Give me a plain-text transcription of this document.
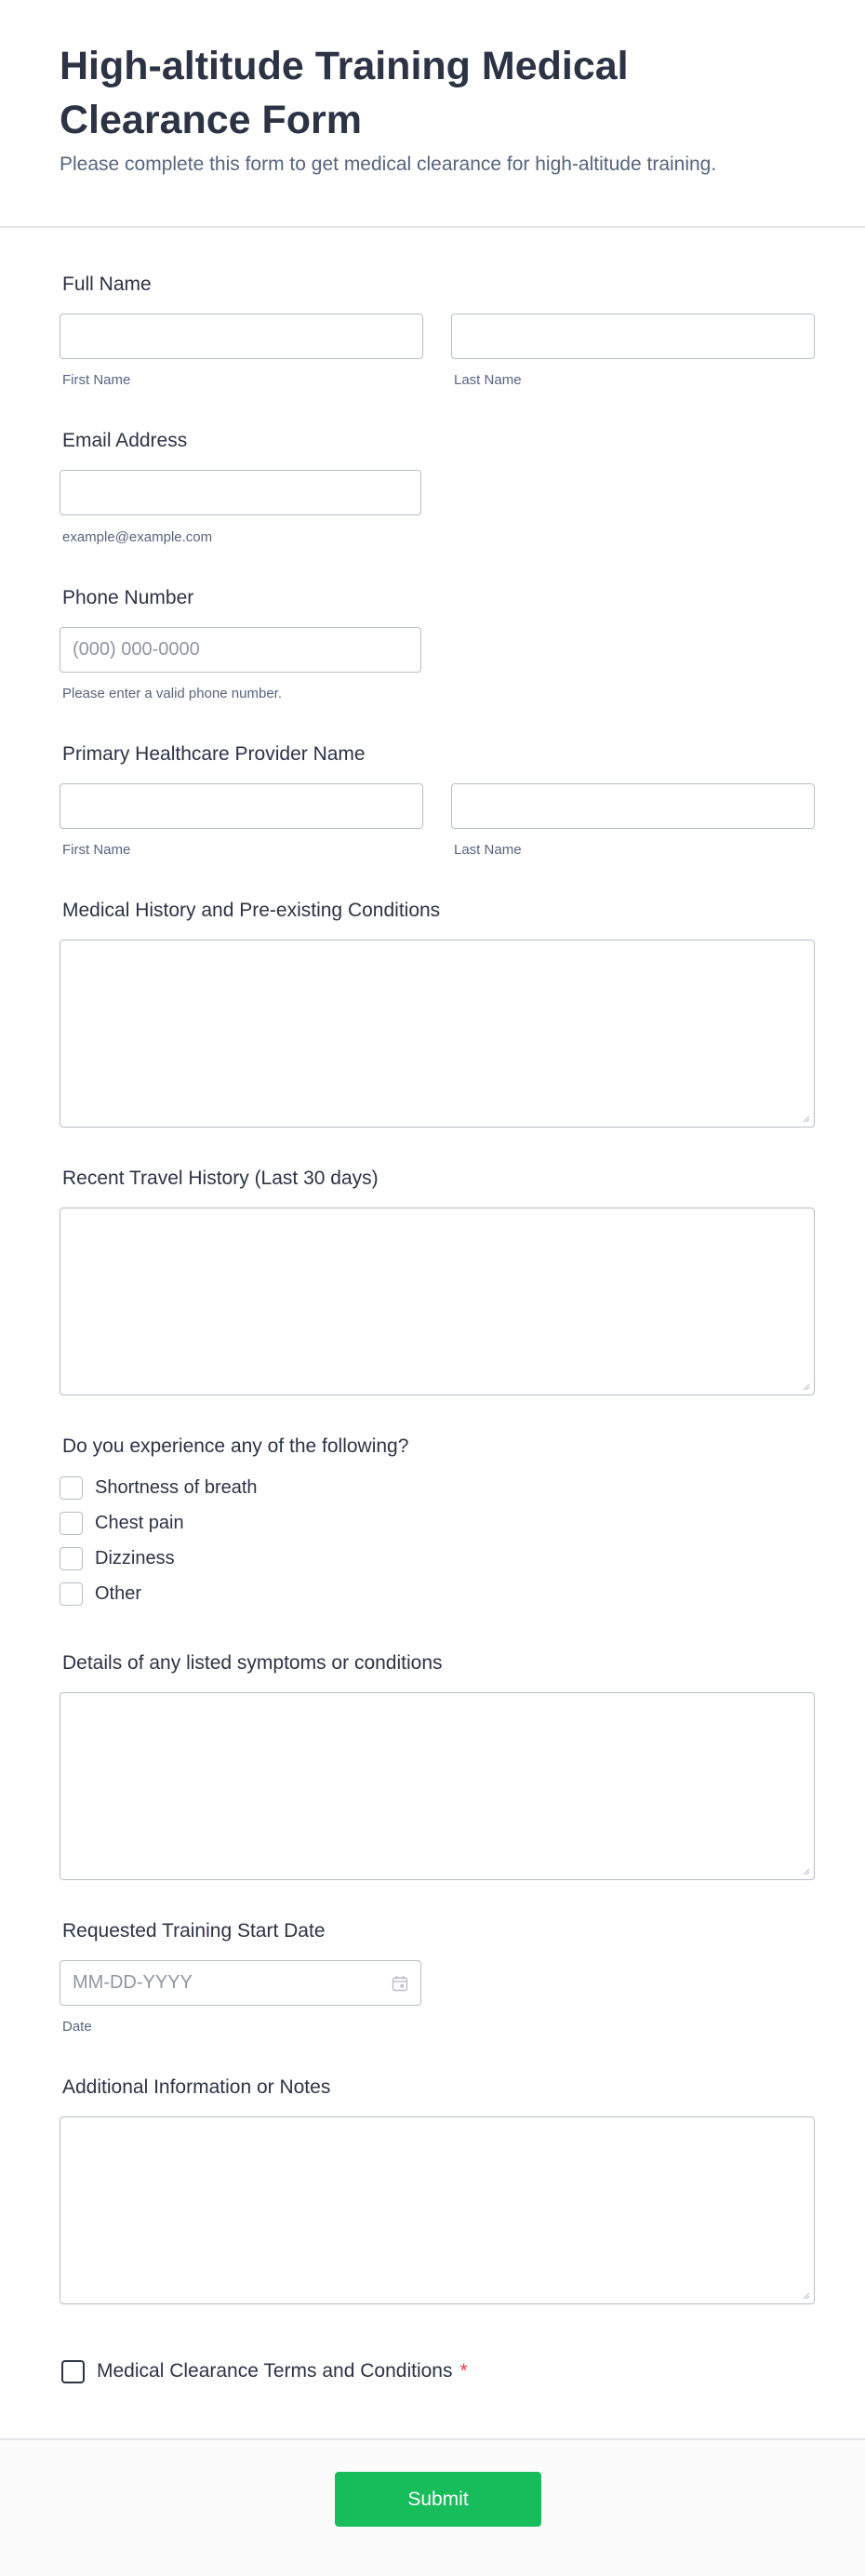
High-altitude Training Medical Clearance Form

Please complete this form to get medical clearance for high-altitude training.

Full Name
First Name	Last Name
Email Address
example@example.com
Phone Number
(000) 000-0000
Please enter a valid phone number.
Primary Healthcare Provider Name
First Name	Last Name
Medical History and Pre-existing Conditions
Recent Travel History (Last 30 days)
Do you experience any of the following?
Shortness of breath
Chest pain
Dizziness
Other
Details of any listed symptoms or conditions
Requested Training Start Date
MM-DD-YYYY
Date
Additional Information or Notes
Medical Clearance Terms and Conditions *
Submit
